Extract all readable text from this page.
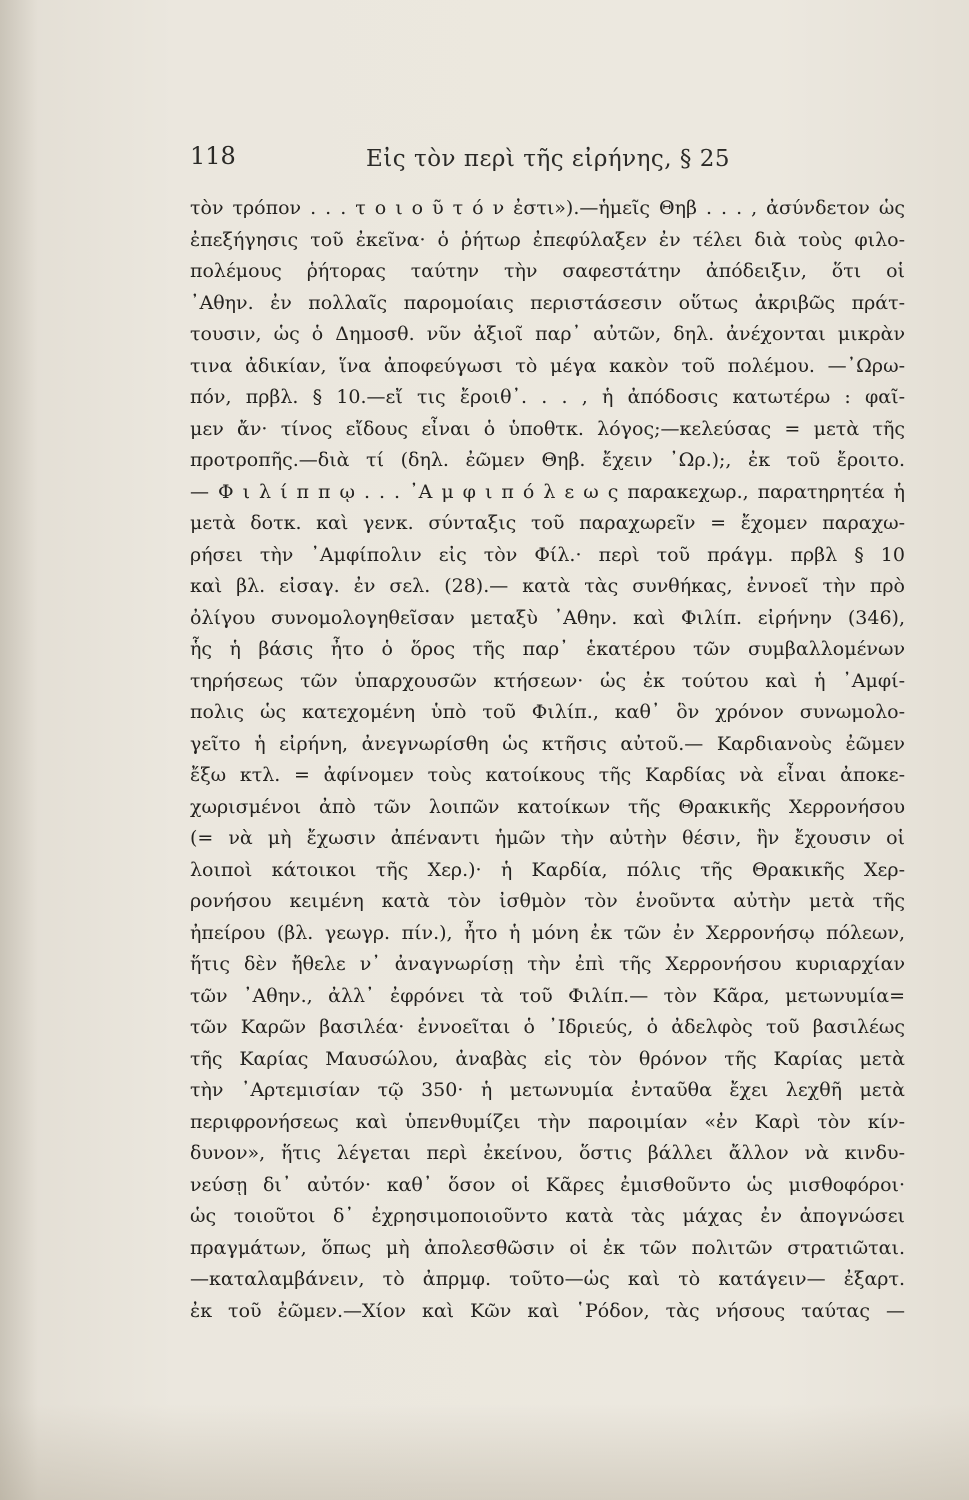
118	Εἰς τὸν περὶ τῆς εἰρήνης, § 25
τὸν τρόπον . . . τ ο ι ο ῦ τ ό ν ἐστι»).—ἡμεῖς Θηβ . . . , ἀσύνδετον ὡς
ἐπεξήγησις τοῦ ἐκεῖνα· ὁ ῥήτωρ ἐπεφύλαξεν ἐν τέλει διὰ τοὺς φιλο-
πολέμους ῥήτορας ταύτην τὴν σαφεστάτην ἀπόδειξιν, ὅτι οἱ
᾿Αθην. ἐν πολλαῖς παρομοίαις περιστάσεσιν οὕτως ἀκριβῶς πράτ-
τουσιν, ὡς ὁ Δημοσθ. νῦν ἀξιοῖ παρ᾿ αὐτῶν, δηλ. ἀνέχονται μικρὰν
τινα ἀδικίαν, ἵνα ἀποφεύγωσι τὸ μέγα κακὸν τοῦ πολέμου. —᾿Ωρω-
πόν, πρβλ. § 10.—εἴ τις ἔροιθ᾿. . . , ἡ ἀπόδοσις κατωτέρω : φαῖ-
μεν ἄν· τίνος εἴδους εἶναι ὁ ὑποθτκ. λόγος;—κελεύσας = μετὰ τῆς
προτροπῆς.—διὰ τί (δηλ. ἐῶμεν Θηβ. ἔχειν ᾿Ωρ.);, ἐκ τοῦ ἔροιτο.
— Φ ι λ ί π π ῳ . . . ᾿Α μ φ ι π ό λ ε ω ς παρακεχωρ., παρατηρητέα ἡ
μετὰ δοτκ. καὶ γενκ. σύνταξις τοῦ παραχωρεῖν = ἔχομεν παραχω-
ρήσει τὴν ᾿Αμφίπολιν εἰς τὸν Φίλ.· περὶ τοῦ πράγμ. πρβλ § 10
καὶ βλ. εἰσαγ. ἐν σελ. (28).— κατὰ τὰς συνθήκας, ἐννοεῖ τὴν πρὸ
ὀλίγου συνομολογηθεῖσαν μεταξὺ ᾿Αθην. καὶ Φιλίπ. εἰρήνην (346),
ἧς ἡ βάσις ἦτο ὁ ὅρος τῆς παρ᾿ ἑκατέρου τῶν συμβαλλομένων
τηρήσεως τῶν ὑπαρχουσῶν κτήσεων· ὡς ἐκ τούτου καὶ ἡ ᾿Αμφί-
πολις ὡς κατεχομένη ὑπὸ τοῦ Φιλίπ., καθ᾿ ὃν χρόνον συνωμολο-
γεῖτο ἡ εἰρήνη, ἀνεγνωρίσθη ὡς κτῆσις αὐτοῦ.— Καρδιανοὺς ἐῶμεν
ἔξω κτλ. = ἀφίνομεν τοὺς κατοίκους τῆς Καρδίας νὰ εἶναι ἀποκε-
χωρισμένοι ἀπὸ τῶν λοιπῶν κατοίκων τῆς Θρακικῆς Χερρονήσου
(= νὰ μὴ ἔχωσιν ἀπέναντι ἡμῶν τὴν αὐτὴν θέσιν, ἣν ἔχουσιν οἱ
λοιποὶ κάτοικοι τῆς Χερ.)· ἡ Καρδία, πόλις τῆς Θρακικῆς Χερ-
ρονήσου κειμένη κατὰ τὸν ἰσθμὸν τὸν ἑνοῦντα αὐτὴν μετὰ τῆς
ἠπείρου (βλ. γεωγρ. πίν.), ἦτο ἡ μόνη ἐκ τῶν ἐν Χερρονήσῳ πόλεων,
ἥτις δὲν ἤθελε ν᾿ ἀναγνωρίσῃ τὴν ἐπὶ τῆς Χερρονήσου κυριαρχίαν
τῶν ᾿Αθην., ἀλλ᾿ ἐφρόνει τὰ τοῦ Φιλίπ.— τὸν Κᾶρα, μετωνυμία=
τῶν Καρῶν βασιλέα· ἐννοεῖται ὁ ᾿Ιδριεύς, ὁ ἀδελφὸς τοῦ βασιλέως
τῆς Καρίας Μαυσώλου, ἀναβὰς εἰς τὸν θρόνον τῆς Καρίας μετὰ
τὴν ᾿Αρτεμισίαν τῷ 350· ἡ μετωνυμία ἐνταῦθα ἔχει λεχθῆ μετὰ
περιφρονήσεως καὶ ὑπενθυμίζει τὴν παροιμίαν «ἐν Καρὶ τὸν κίν-
δυνον», ἥτις λέγεται περὶ ἐκείνου, ὅστις βάλλει ἄλλον νὰ κινδυ-
νεύσῃ δι᾿ αὐτόν· καθ᾿ ὅσον οἱ Κᾶρες ἐμισθοῦντο ὡς μισθοφόροι·
ὡς τοιοῦτοι δ᾿ ἐχρησιμοποιοῦντο κατὰ τὰς μάχας ἐν ἀπογνώσει
πραγμάτων, ὅπως μὴ ἀπολεσθῶσιν οἱ ἐκ τῶν πολιτῶν στρατιῶται.
—καταλαμβάνειν, τὸ ἀπρμφ. τοῦτο—ὡς καὶ τὸ κατάγειν— ἐξαρτ.
ἐκ τοῦ ἐῶμεν.—Χίον καὶ Κῶν καὶ ῾Ρόδον, τὰς νήσους ταύτας —
